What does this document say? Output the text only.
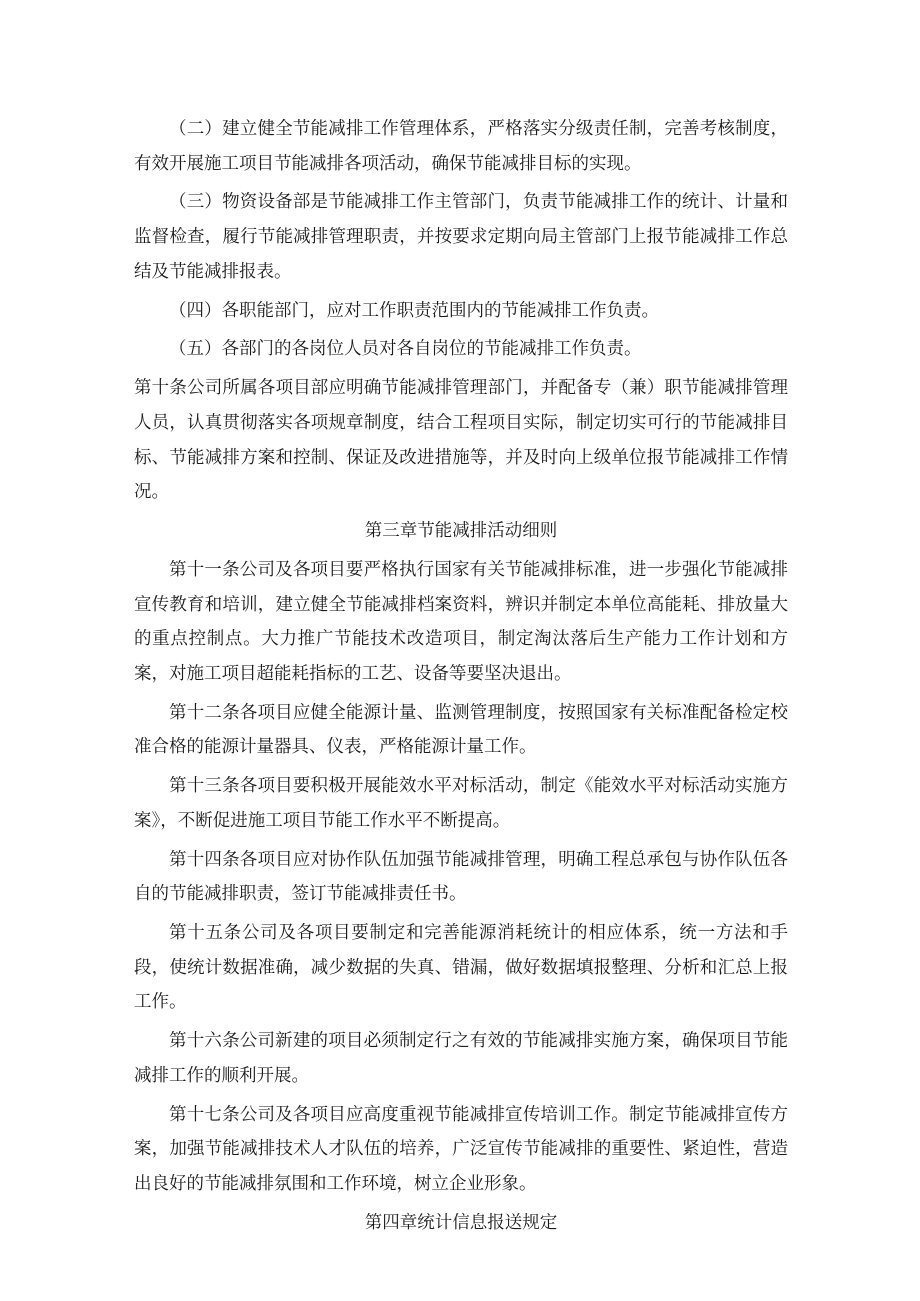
（二）建立健全节能减排工作管理体系，严格落实分级责任制，完善考核制度，有效开展施工项目节能减排各项活动，确保节能减排目标的实现。

（三）物资设备部是节能减排工作主管部门，负责节能减排工作的统计、计量和监督检查，履行节能减排管理职责，并按要求定期向局主管部门上报节能减排工作总结及节能减排报表。

（四）各职能部门，应对工作职责范围内的节能减排工作负责。

（五）各部门的各岗位人员对各自岗位的节能减排工作负责。

第十条公司所属各项目部应明确节能减排管理部门，并配备专（兼）职节能减排管理人员，认真贯彻落实各项规章制度，结合工程项目实际，制定切实可行的节能减排目标、节能减排方案和控制、保证及改进措施等，并及时向上级单位报节能减排工作情况。

第三章节能减排活动细则

第十一条公司及各项目要严格执行国家有关节能减排标准，进一步强化节能减排宣传教育和培训，建立健全节能减排档案资料，辨识并制定本单位高能耗、排放量大的重点控制点。大力推广节能技术改造项目，制定淘汰落后生产能力工作计划和方案，对施工项目超能耗指标的工艺、设备等要坚决退出。

第十二条各项目应健全能源计量、监测管理制度，按照国家有关标准配备检定校准合格的能源计量器具、仪表，严格能源计量工作。

第十三条各项目要积极开展能效水平对标活动，制定《能效水平对标活动实施方案》，不断促进施工项目节能工作水平不断提高。

第十四条各项目应对协作队伍加强节能减排管理，明确工程总承包与协作队伍各自的节能减排职责，签订节能减排责任书。

第十五条公司及各项目要制定和完善能源消耗统计的相应体系，统一方法和手段，使统计数据准确，减少数据的失真、错漏，做好数据填报整理、分析和汇总上报工作。

第十六条公司新建的项目必须制定行之有效的节能减排实施方案，确保项目节能减排工作的顺利开展。

第十七条公司及各项目应高度重视节能减排宣传培训工作。制定节能减排宣传方案，加强节能减排技术人才队伍的培养，广泛宣传节能减排的重要性、紧迫性，营造出良好的节能减排氛围和工作环境，树立企业形象。

第四章统计信息报送规定
